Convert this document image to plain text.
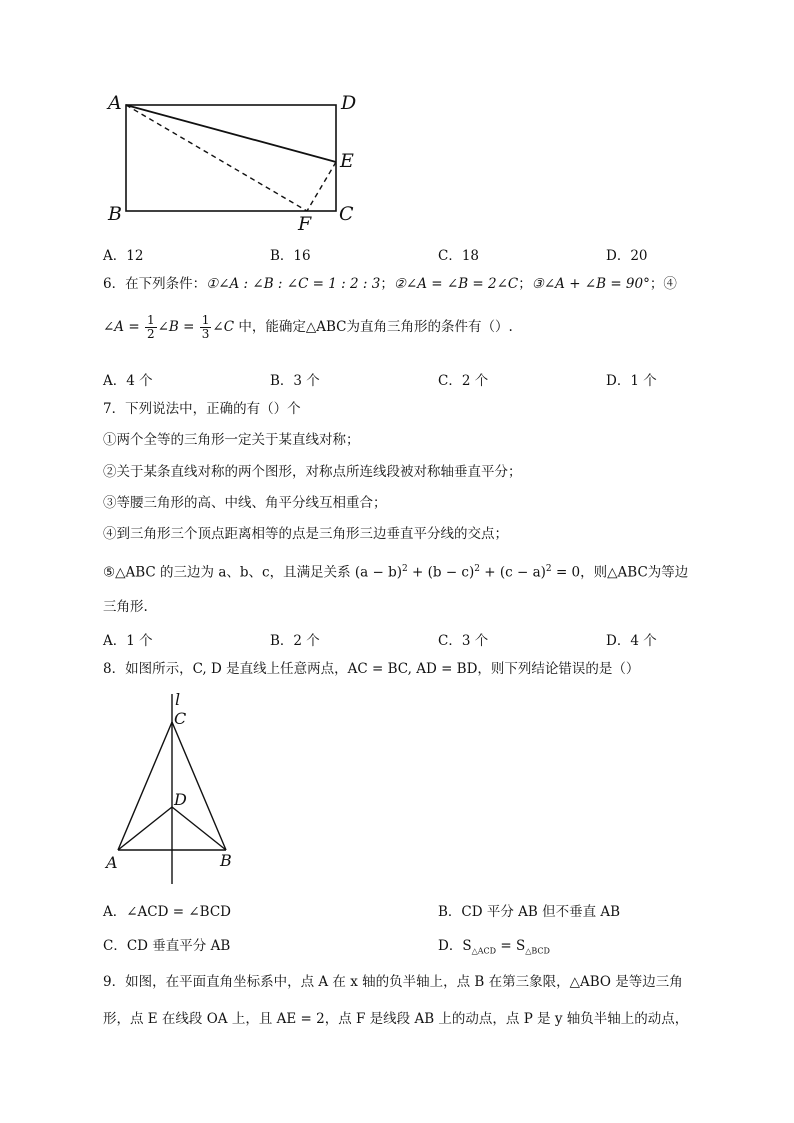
A	D
E
B	F C
A．12	B．16	C．18	D．20
6．在下列条件：①∠A : ∠B : ∠C = 1 : 2 : 3；②∠A = ∠B = 2∠C；③∠A + ∠B = 90°；④
∠A = $\frac{1}{2}$ ∠B = $\frac{1}{3}$ ∠C 中，能确定△ABC为直角三角形的条件有（）.
A．4 个	B．3 个	C．2 个	D．1 个
7．下列说法中，正确的有（）个
①两个全等的三角形一定关于某直线对称；
②关于某条直线对称的两个图形，对称点所连线段被对称轴垂直平分；
③等腰三角形的高、中线、角平分线互相重合；
④到三角形三个顶点距离相等的点是三角形三边垂直平分线的交点；
⑤△ABC 的三边为 a、b、c，且满足关系 $(a - b)^2 + (b - c)^2 + (c - a)^2 = 0$，则△ABC为等边
三角形.
A．1 个	B．2 个	C．3 个	D．4 个
8．如图所示，C, D 是直线上任意两点，AC = BC, AD = BD，则下列结论错误的是（）
l
C
D
A	B
A．∠ACD = ∠BCD	B．CD 平分 AB 但不垂直 AB
C．CD 垂直平分 AB	D．$S_{\triangle ACD} = S_{\triangle BCD}$
9．如图，在平面直角坐标系中，点 A 在 x 轴的负半轴上，点 B 在第三象限，△ABO 是等边三角
形，点 E 在线段 OA 上，且 AE = 2，点 F 是线段 AB 上的动点，点 P 是 y 轴负半轴上的动点，
